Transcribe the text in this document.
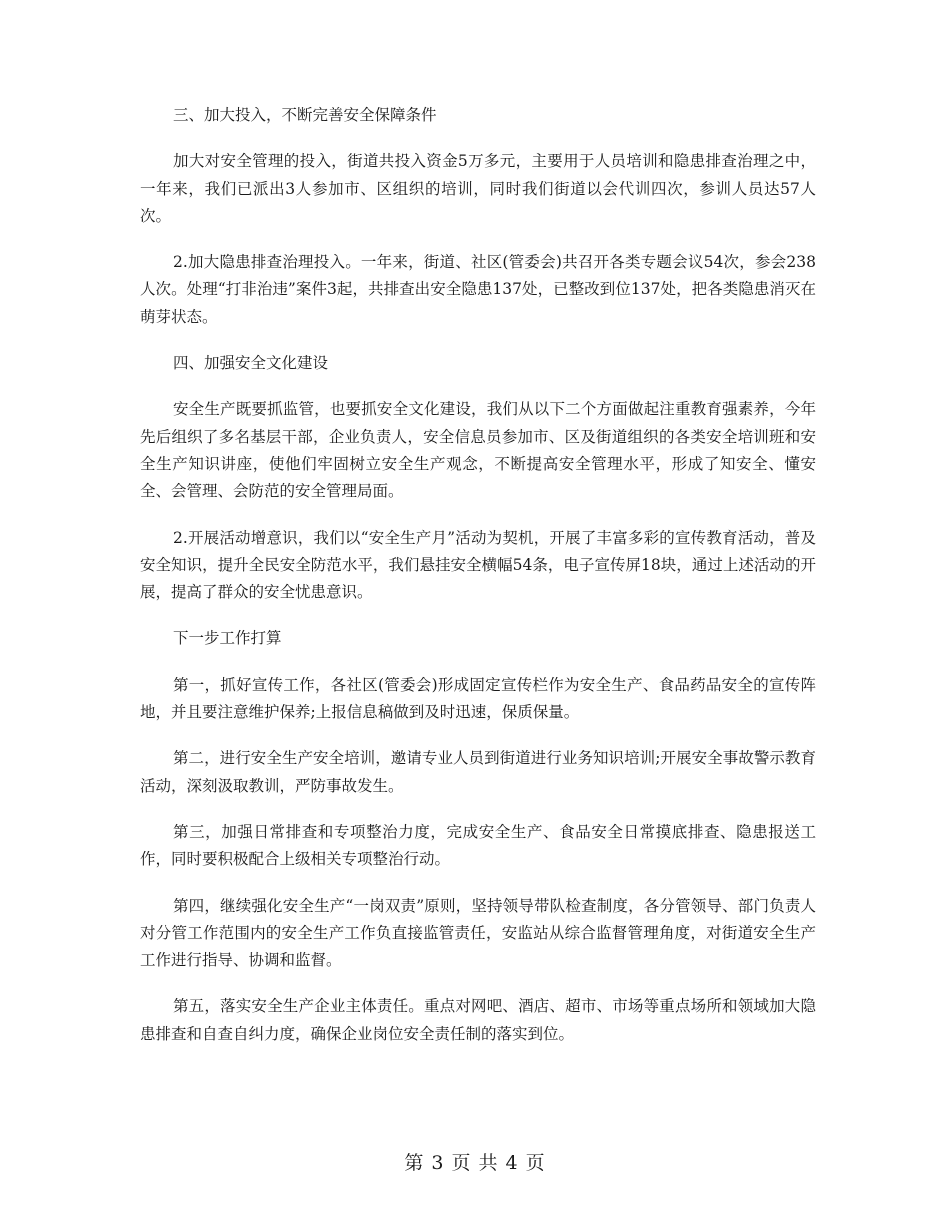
三、加大投入，不断完善安全保障条件

加大对安全管理的投入，街道共投入资金5万多元，主要用于人员培训和隐患排查治理之中，一年来，我们已派出3人参加市、区组织的培训，同时我们街道以会代训四次，参训人员达57人次。

2.加大隐患排查治理投入。一年来，街道、社区(管委会)共召开各类专题会议54次，参会238人次。处理“打非治违”案件3起，共排查出安全隐患137处，已整改到位137处，把各类隐患消灭在萌芽状态。

四、加强安全文化建设

安全生产既要抓监管，也要抓安全文化建设，我们从以下二个方面做起注重教育强素养，今年先后组织了多名基层干部，企业负责人，安全信息员参加市、区及街道组织的各类安全培训班和安全生产知识讲座，使他们牢固树立安全生产观念，不断提高安全管理水平，形成了知安全、懂安全、会管理、会防范的安全管理局面。

2.开展活动增意识，我们以“安全生产月”活动为契机，开展了丰富多彩的宣传教育活动，普及安全知识，提升全民安全防范水平，我们悬挂安全横幅54条，电子宣传屏18块，通过上述活动的开展，提高了群众的安全忧患意识。

下一步工作打算

第一，抓好宣传工作，各社区(管委会)形成固定宣传栏作为安全生产、食品药品安全的宣传阵地，并且要注意维护保养;上报信息稿做到及时迅速，保质保量。

第二，进行安全生产安全培训，邀请专业人员到街道进行业务知识培训;开展安全事故警示教育活动，深刻汲取教训，严防事故发生。

第三，加强日常排查和专项整治力度，完成安全生产、食品安全日常摸底排查、隐患报送工作，同时要积极配合上级相关专项整治行动。

第四，继续强化安全生产“一岗双责”原则，坚持领导带队检查制度，各分管领导、部门负责人对分管工作范围内的安全生产工作负直接监管责任，安监站从综合监督管理角度，对街道安全生产工作进行指导、协调和监督。

第五，落实安全生产企业主体责任。重点对网吧、酒店、超市、市场等重点场所和领域加大隐患排查和自查自纠力度，确保企业岗位安全责任制的落实到位。

第 3 页 共 4 页
